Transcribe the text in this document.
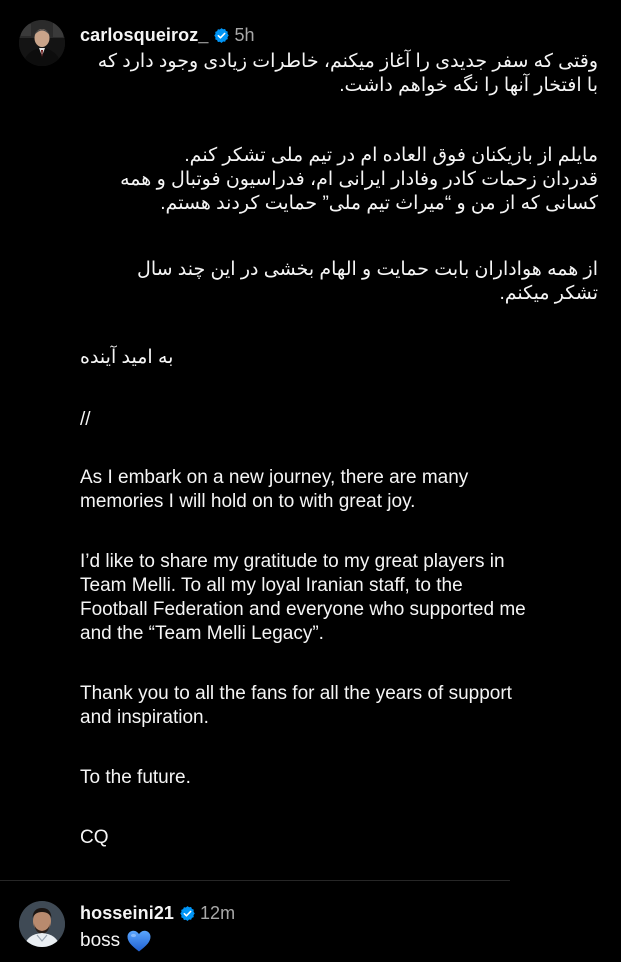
carlosqueiroz_ 5h

وقتی که سفر جدیدی را آغاز میکنم، خاطرات زیادی وجود دارد که
با افتخار آنها را نگه خواهم داشت.

مایلم از بازیکنان فوق العاده ام در تیم ملی تشکر کنم.
قدردان زحمات کادر وفادار ایرانی ام، فدراسیون فوتبال و همه
کسانی که از من و “میراث تیم ملی” حمایت کردند هستم.

از همه هواداران بابت حمایت و الهام بخشی در این چند سال
تشکر میکنم.

به امید آینده

//

As I embark on a new journey, there are many
memories I will hold on to with great joy.

I’d like to share my gratitude to my great players in
Team Melli. To all my loyal Iranian staff, to the
Football Federation and everyone who supported me
and the “Team Melli Legacy”.

Thank you to all the fans for all the years of support
and inspiration.

To the future.

CQ

hosseini21 12m
boss
